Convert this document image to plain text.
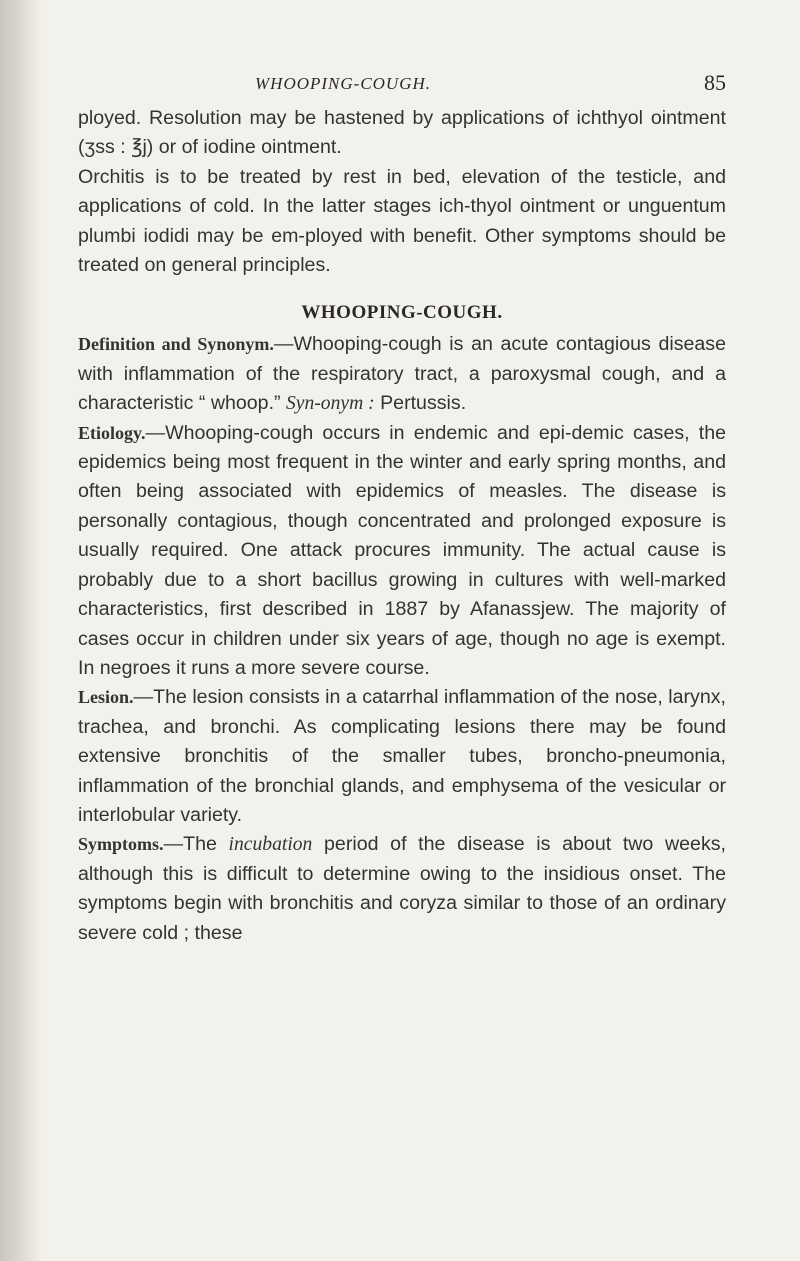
WHOOPING-COUGH.	85

ployed. Resolution may be hastened by applications of ichthyol ointment (ʒss : ℥j) or of iodine ointment.

Orchitis is to be treated by rest in bed, elevation of the testicle, and applications of cold. In the latter stages ich-thyol ointment or unguentum plumbi iodidi may be em-ployed with benefit. Other symptoms should be treated on general principles.

WHOOPING-COUGH.

Definition and Synonym.—Whooping-cough is an acute contagious disease with inflammation of the respiratory tract, a paroxysmal cough, and a characteristic “ whoop.” Syn-onym : Pertussis.

Etiology.—Whooping-cough occurs in endemic and epi-demic cases, the epidemics being most frequent in the winter and early spring months, and often being associated with epidemics of measles. The disease is personally contagious, though concentrated and prolonged exposure is usually required. One attack procures immunity. The actual cause is probably due to a short bacillus growing in cultures with well-marked characteristics, first described in 1887 by Afanassjew. The majority of cases occur in children under six years of age, though no age is exempt. In negroes it runs a more severe course.

Lesion.—The lesion consists in a catarrhal inflammation of the nose, larynx, trachea, and bronchi. As complicating lesions there may be found extensive bronchitis of the smaller tubes, broncho-pneumonia, inflammation of the bronchial glands, and emphysema of the vesicular or interlobular variety.

Symptoms.—The incubation period of the disease is about two weeks, although this is difficult to determine owing to the insidious onset. The symptoms begin with bronchitis and coryza similar to those of an ordinary severe cold ; these
